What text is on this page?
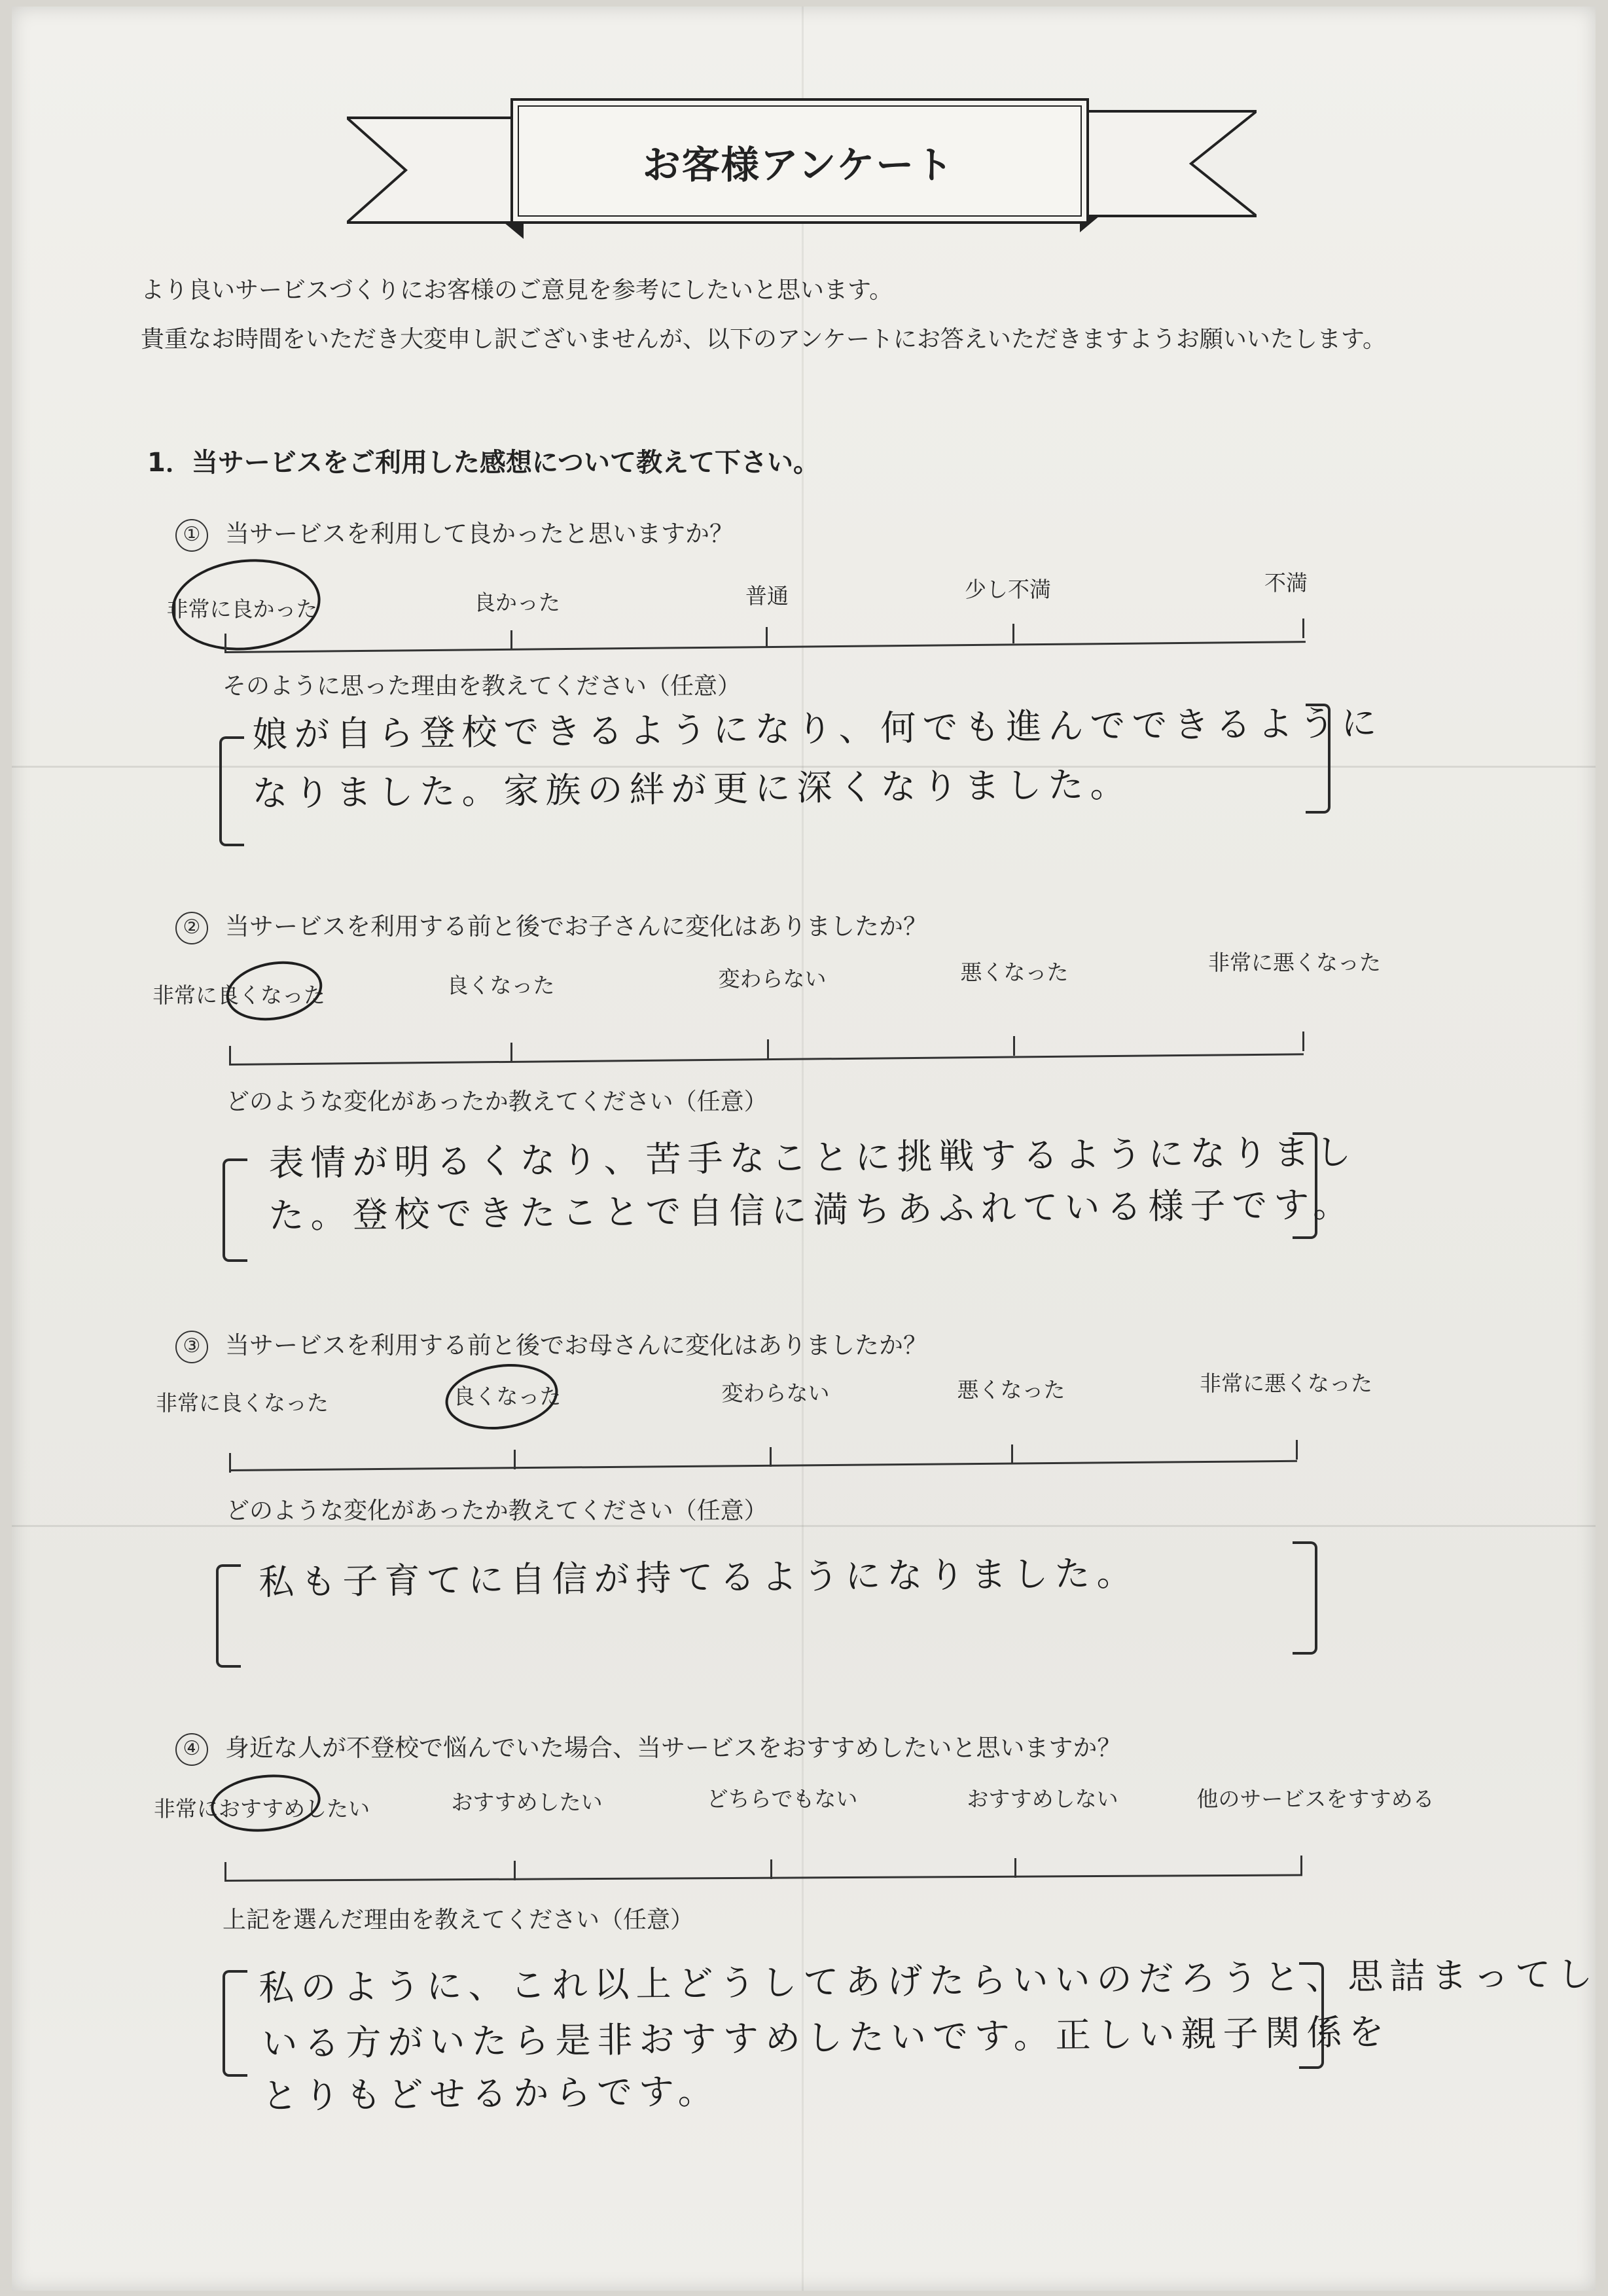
お客様アンケート
より良いサービスづくりにお客様のご意見を参考にしたいと思います。
貴重なお時間をいただき大変申し訳ございませんが、以下のアンケートにお答えいただきますようお願いいたします。
1．当サービスをご利用した感想について教えて下さい。
① 当サービスを利用して良かったと思いますか？
非常に良かった	良かった	普通	少し不満	不満
そのように思った理由を教えてください（任意）
娘が自ら登校できるようになり、何でも進んでできるように
なりました。家族の絆が更に深くなりました。
② 当サービスを利用する前と後でお子さんに変化はありましたか？
非常に良くなった	良くなった	変わらない	悪くなった	非常に悪くなった
どのような変化があったか教えてください（任意）
表情が明るくなり、苦手なことに挑戦するようになりまし
た。登校できたことで自信に満ちあふれている様子です。
③ 当サービスを利用する前と後でお母さんに変化はありましたか？
非常に良くなった	良くなった	変わらない	悪くなった	非常に悪くなった
どのような変化があったか教えてください（任意）
私も子育てに自信が持てるようになりました。
④ 身近な人が不登校で悩んでいた場合、当サービスをおすすめしたいと思いますか？
非常におすすめしたい	おすすめしたい	どちらでもない	おすすめしない	他のサービスをすすめる
上記を選んだ理由を教えてください（任意）
私のように、これ以上どうしてあげたらいいのだろうと、思詰まってし
いる方がいたら是非おすすめしたいです。正しい親子関係を
とりもどせるからです。
